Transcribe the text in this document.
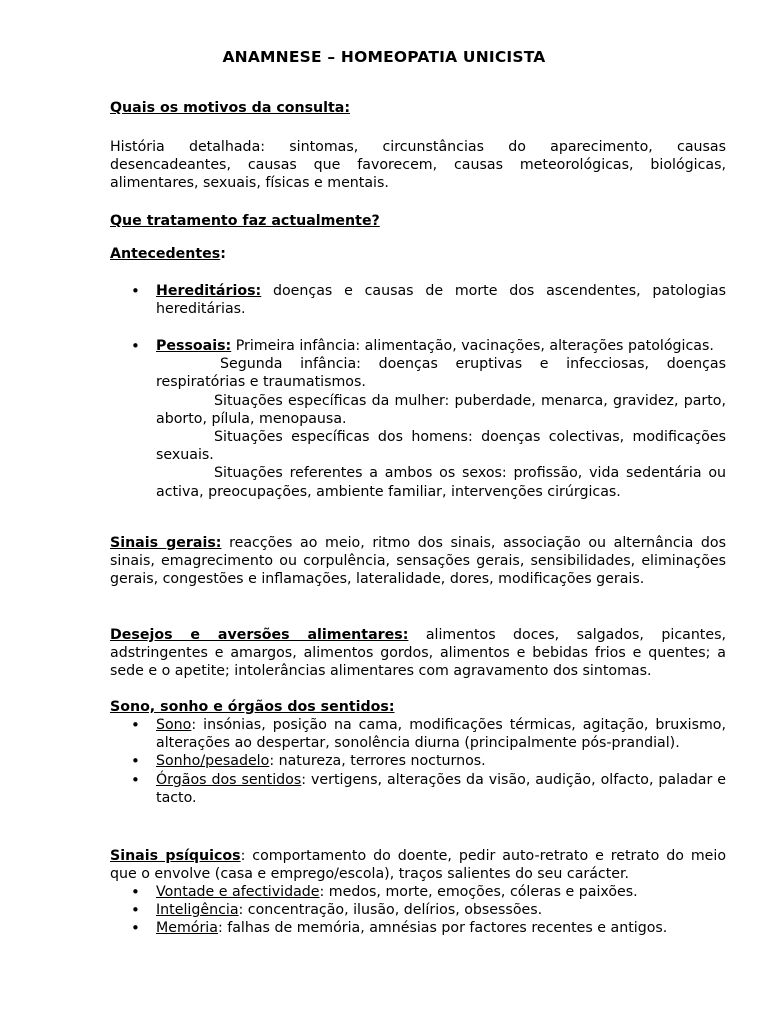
ANAMNESE – HOMEOPATIA UNICISTA
Quais os motivos da consulta:
História detalhada: sintomas, circunstâncias do aparecimento, causas desencadeantes, causas que favorecem, causas meteorológicas, biológicas, alimentares, sexuais, físicas e mentais.
Que tratamento faz actualmente?
Antecedentes:
• Hereditários: doenças e causas de morte dos ascendentes, patologias hereditárias.
• Pessoais: Primeira infância: alimentação, vacinações, alterações patológicas.
Segunda infância: doenças eruptivas e infecciosas, doenças respiratórias e traumatismos.
Situações específicas da mulher: puberdade, menarca, gravidez, parto, aborto, pílula, menopausa.
Situações específicas dos homens: doenças colectivas, modificações sexuais.
Situações referentes a ambos os sexos: profissão, vida sedentária ou activa, preocupações, ambiente familiar, intervenções cirúrgicas.
Sinais gerais: reacções ao meio, ritmo dos sinais, associação ou alternância dos sinais, emagrecimento ou corpulência, sensações gerais, sensibilidades, eliminações gerais, congestões e inflamações, lateralidade, dores, modificações gerais.
Desejos e aversões alimentares: alimentos doces, salgados, picantes, adstringentes e amargos, alimentos gordos, alimentos e bebidas frios e quentes; a sede e o apetite; intolerâncias alimentares com agravamento dos sintomas.
Sono, sonho e órgãos dos sentidos:
• Sono: insónias, posição na cama, modificações térmicas, agitação, bruxismo, alterações ao despertar, sonolência diurna (principalmente pós-prandial).
• Sonho/pesadelo: natureza, terrores nocturnos.
• Órgãos dos sentidos: vertigens, alterações da visão, audição, olfacto, paladar e tacto.
Sinais psíquicos: comportamento do doente, pedir auto-retrato e retrato do meio que o envolve (casa e emprego/escola), traços salientes do seu carácter.
• Vontade e afectividade: medos, morte, emoções, cóleras e paixões.
• Inteligência: concentração, ilusão, delírios, obsessões.
• Memória: falhas de memória, amnésias por factores recentes e antigos.
